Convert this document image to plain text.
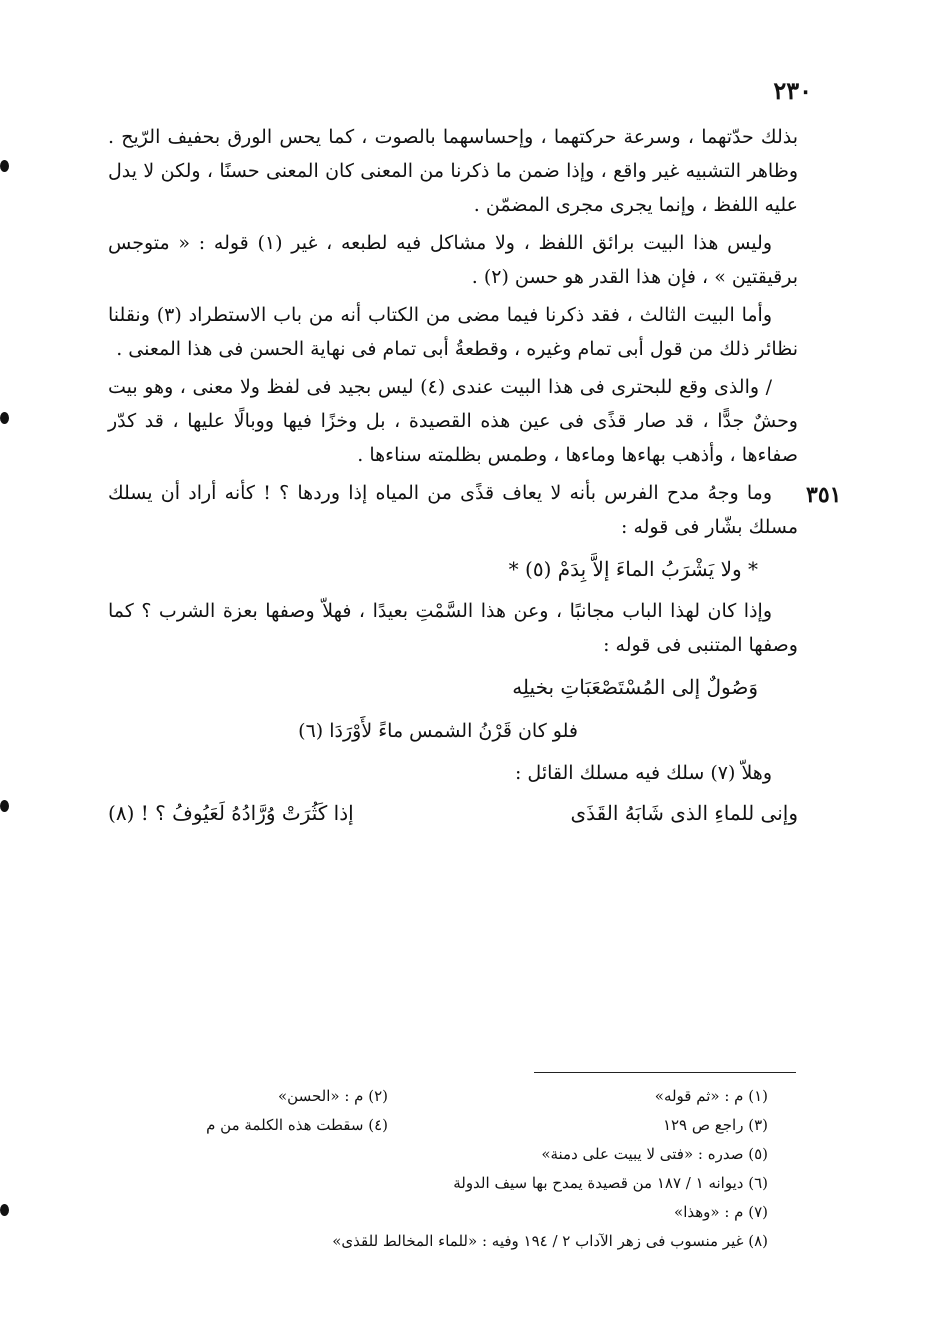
٢٣٠
٣٥١

بذلك حدّتهما ، وسرعة حركتهما ، وإحساسهما بالصوت ، كما يحس الورق بحفيف الرّيح . وظاهر التشبيه غير واقع ، وإذا ضمن ما ذكرنا من المعنى كان المعنى حسنًا ، ولكن لا يدل عليه اللفظ ، وإنما يجرى مجرى المضمّن .

وليس هذا البيت برائق اللفظ ، ولا مشاكل فيه لطبعه ، غير (١) قوله : « متوجس برقيقتين » ، فإن هذا القدر هو حسن (٢) .

وأما البيت الثالث ، فقد ذكرنا فيما مضى من الكتاب أنه من باب الاستطراد (٣) ونقلنا نظائر ذلك من قول أبى تمام وغيره ، وقطعةُ أبى تمام فى نهاية الحسن فى هذا المعنى .

/ والذى وقع للبحترى فى هذا البيت عندى (٤) ليس بجيد فى لفظ ولا معنى ، وهو بيت وحشٌ جدًّا ، قد صار قذًى فى عين هذه القصيدة ، بل وخزًا فيها ووبالًا عليها ، قد كدّر صفاءها ، وأذهب بهاءها وماءها ، وطمس بظلمته سناءها .

وما وجهُ مدح الفرس بأنه لا يعاف قذًى من المياه إذا وردها ؟ ! كأنه أراد أن يسلك مسلك بشّار فى قوله :

* ولا يَشْرَبُ الماءَ إلاَّ بِدَمْ (٥) *

وإذا كان لهذا الباب مجانبًا ، وعن هذا السَّمْتِ بعيدًا ، فهلاّ وصفها بعزة الشرب ؟ كما وصفها المتنبى فى قوله :

وَصُولٌ إلى المُسْتَصْعَبَاتِ بخيلِه
فلو كان قَرْنُ الشمس ماءً لأَوْرَدَا (٦)

وهلاّ (٧) سلك فيه مسلك القائل :

وإنى للماءِ الذى شَابَهُ القَذَى
إذا كَثُرَتْ وُرَّادُهُ لَعَيُوفُ ؟ ! (٨)
(١) م : «ثم قوله»
(٢) م : «الحسن»
(٣) راجع ص ١٢٩
(٤) سقطت هذه الكلمة من م
(٥) صدره : «فتى لا يبيت على دمنة»
(٦) ديوانه ١ / ١٨٧ من قصيدة يمدح بها سيف الدولة
(٧) م : «وهذا»
(٨) غير منسوب فى زهر الآداب ٢ / ١٩٤ وفيه : «للماء المخالط للقذى»
